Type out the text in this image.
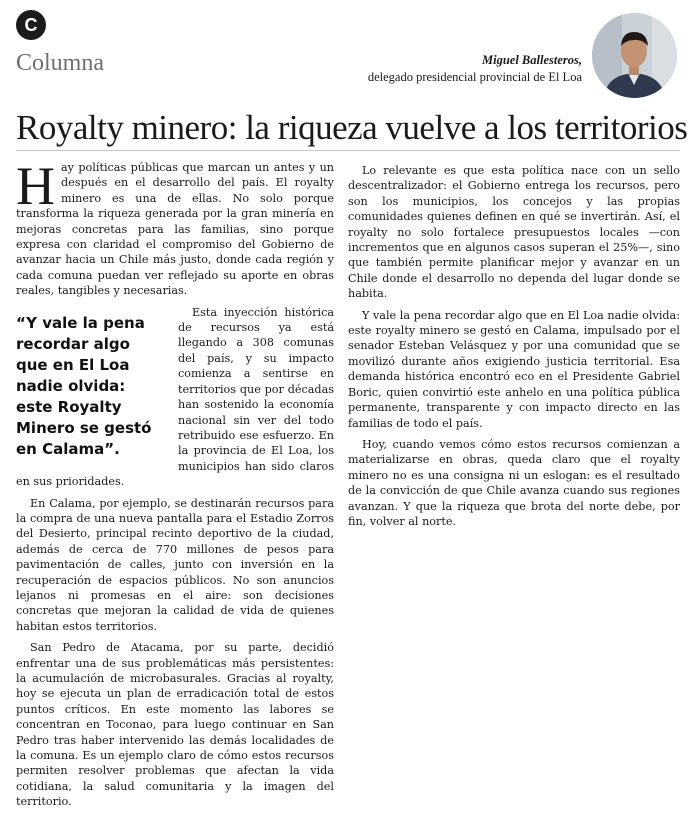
C
Columna	Miguel Ballesteros,
delegado presidencial provincial de El Loa
Royalty minero: la riqueza vuelve a los territorios

Hay políticas públicas que marcan un antes y un después en el desarrollo del país. El royalty minero es una de ellas. No solo porque transforma la riqueza generada por la gran minería en mejoras concretas para las familias, sino porque expresa con claridad el compromiso del Gobierno de avanzar hacia un Chile más justo, donde cada región y cada comuna puedan ver reflejado su aporte en obras reales, tangibles y necesarias.

“Y vale la pena recordar algo que en El Loa nadie olvida: este Royalty Minero se gestó en Calama”.

Esta inyección histórica de recursos ya está llegando a 308 comunas del país, y su impacto comienza a sentirse en territorios que por décadas han sostenido la economía nacional sin ver del todo retribuido ese esfuerzo. En la provincia de El Loa, los municipios han sido claros en sus prioridades.

En Calama, por ejemplo, se destinarán recursos para la compra de una nueva pantalla para el Estadio Zorros del Desierto, principal recinto deportivo de la ciudad, además de cerca de 770 millones de pesos para pavimentación de calles, junto con inversión en la recuperación de espacios públicos. No son anuncios lejanos ni promesas en el aire: son decisiones concretas que mejoran la calidad de vida de quienes habitan estos territorios.

San Pedro de Atacama, por su parte, decidió enfrentar una de sus problemáticas más persistentes: la acumulación de microbasurales. Gracias al royalty, hoy se ejecuta un plan de erradicación total de estos puntos críticos. En este momento las labores se concentran en Toconao, para luego continuar en San Pedro tras haber intervenido las demás localidades de la comuna. Es un ejemplo claro de cómo estos recursos permiten resolver problemas que afectan la vida cotidiana, la salud comunitaria y la imagen del territorio.

Lo relevante es que esta política nace con un sello descentralizador: el Gobierno entrega los recursos, pero son los municipios, los concejos y las propias comunidades quienes definen en qué se invertirán. Así, el royalty no solo fortalece presupuestos locales —con incrementos que en algunos casos superan el 25%—, sino que también permite planificar mejor y avanzar en un Chile donde el desarrollo no dependa del lugar donde se habita.

Y vale la pena recordar algo que en El Loa nadie olvida: este royalty minero se gestó en Calama, impulsado por el senador Esteban Velásquez y por una comunidad que se movilizó durante años exigiendo justicia territorial. Esa demanda histórica encontró eco en el Presidente Gabriel Boric, quien convirtió este anhelo en una política pública permanente, transparente y con impacto directo en las familias de todo el país.

Hoy, cuando vemos cómo estos recursos comienzan a materializarse en obras, queda claro que el royalty minero no es una consigna ni un eslogan: es el resultado de la convicción de que Chile avanza cuando sus regiones avanzan. Y que la riqueza que brota del norte debe, por fin, volver al norte.
